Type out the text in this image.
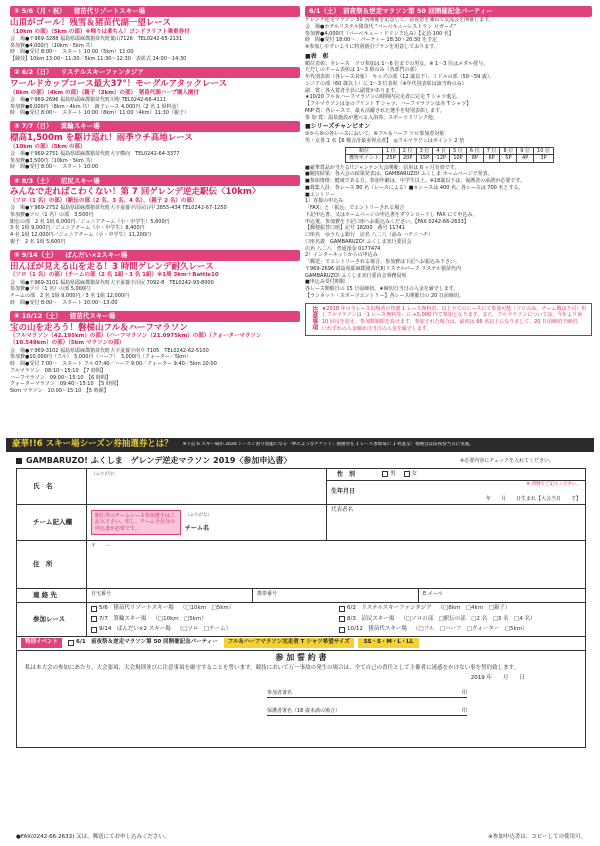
① 5/6（月・祝） 猪苗代リゾートスキー場
山頂がゴール！残雪＆猪苗代湖一望レース
（10km の部）（5km の部）※帰りは楽ちん！ゴンドラリフト乗車券付
会　場●〒969-3288 福島県耶麻郡猪苗代町葉山7126　TEL0242-65-2131
参加費●4,000円（10km・5km 共）
時　間●受付 8:00～　スタート 10:00（5km）11:00
【競技】10km 13:00～11:30／5km 11:30～12:30　表彰式 14:00～14:30
② 6/2（日） リステルスキーファンタジア
ワールドカップコース最大37°！モーグルアタックレース
（8km の部）（4km の部）（親子（2km）の部）　猪苗代湖ハーブ園入園付
会　場●〒969-2696 福島県耶麻郡猪苗代町川桁 TEL0242-66-4111
参加費●6,000円（8km・4km 共）　親子レース 4,000円（2 名 1 組料金）
時　間●受付 8:00～　スタート 10:00（8km）11:00（4km）11:30（親子）
③ 7/7（日） 箕輪スキー場
標高1,500m を駆け巡れ！雨季ウチ高地レース
（10km の部）（5km の部）
会　場●〒969-2751 福島県耶麻郡猪苗代町大字横向　TEL0242-64-3377
参加費●3,500円（10km・5km 共）
時　間●受付 8:00～　スタート 10:00
④ 8/3（土） 沼尻スキー場
みんなで走ればこわくない！第 7 回ゲレンデ逆走駅伝〈10km〉
（ソロ（1 名）の部）（駅伝の部（2 名、3 名、4 名）、（親子 2 名）の部）
会　場●〒969-2752 福島県耶麻郡猪苗代町大字蚕養字沼尻山甲 2855-434 TEL0242-67-1250
参加費●ソロ（1 名）の部　3,500円
駅伝の部　2 名 1組 6,000円／ジュニアチーム（小・中学生）5,600円
3 名 1組 9,000円／ジュニアチーム（小・中学生）8,400円
4 名 1組 12,000円／ジュニアチーム（小・中学生）11,200円
親子　2 名 1組 5,600円
⑤ 9/14（土） ばんだい×2スキー場
田んぼが見える山を走る！3 時間ゲレンデ耐久レース
（ソロ（1 名）の部）（チームの部（2 名 1組・3 名 1組）※1周 3km＋Battle10
会　場●〒969-3101 福島県耶麻郡猪苗代町大字蚕養字沼尻 7092-8　TEL0242-93-8000
参加費●ソロ（1 名）の部 5,000円
チームの部　2 名 1組 9,000円／3 名 1組 12,000円
時　間●受付 8:00～　スタート 10:00～13:00
⑥ 10/12（土） 猪苗代スキー場
宝の山を走ろう！磐梯山フル＆ハーフマラソン
（フルマラソン（42.195km）の部）（ハーフマラソン（21.0975km）の部）（クォーターマラソン（10.549km）の部）（5km マラソンの部）
会　場●〒969-3102 福島県耶麻郡猪苗代町大字蚕養字南ウ 7105　TEL0242-62-5100
参加費●10,000円（フル）　5,000円（ハーフ）　3,000円（クォーター／5km）
時　間●受付 7:00～　スタート フル 07:40／ハーフ 9:00／クォーター 9:40／5km 10:00
フルマラソン　08:10～15:10　【7 時間】
ハーフマラソン　09:00～15:10　【6 時間】
クォーターマラソン　09:40～15:10　【5 時間】
5km マラソン　10:00～15:10　【5 時間】
6/1（土）　前夜祭＆逆走マラソン第 50 回開催記念パーティー
ゲレンデ逆走マラソン 50 回開催を記念して、前夜祭を兼ねて交流会を開催します。
会　場●ホテルリステル猪苗代 "バーベキューレストラン ロガーズ"
参加費●4,000円（バーベキュー・ドリンク込み）【定員 100 名】
時　間●受付 18:00～　パーティー 18:30～20:30 を予定
※参加しやすいように特別割引プランを用意しております。
■表　彰
順位表彰：全レース　ソロ参加は 1～6 位までの男女。※ 1～3 位はメダル授与。
ただしのチーム表彰は 1～3 組のみ（各部門の部）
年代別表彰（各レース対象）　キッズの部（12 歳以下）、ミドルの部（50～59 歳）、
シニアの部（60 歳以上）に 1～3 位表彰（※年代別表彰は該当時のみ）
副　賞：各入賞者全員に副賞があります。
★10/20 フル＆ハーフマラソンの時間内完走者に完走 T シャツ進呈。
【フルマラソンは金のプリント T シャツ、ハーフマラソンは赤 T シャツ】
MIP 賞：各レースで、最も活躍された選手を特別表彰します。
参 加 賞：温泉施設が選べる入浴券、スポーツドリンク他。
■シリーズチャンピオン
②から⑥の各レースにおいて、⑥フル＆ハーフ ソロ参加者対象
男・女各 1 名【6 戦合計最多得点者】　◎フルマラソンはポイント 2 倍
順位	1 位	2 位	3 位	4 位	5 位	6 位	7 位	8 位	9 位	10 位
獲得ポイント	25P	20P	15P	12P	10P	8P	6P	5P	4P	3P
■豪華賞品が当たる!!ジャンケン大会開催：信用は 6 ヶ月有効です。
■競技結果：各大会の結果発表は、GAMBARUZO! ふくしま ホームページで発表。
■参加資格：健康である方。参加年齢は、中学生以上。※18歳以下は、保護者の承諾が必要です。
■募集人員：各レース 80 名（レースによる）■６レースは 400 名、各レースは 700 名とする。
■エントリー
1）直接の申込み
「FAX」と「振込」でエントリーされる場合
下記申込書、又はホームページの申込書をダウンロードし FAX にて申込み。
申込後、参加費を下記口座へお振込みください。【FAX 0242-66-2633】
【郵便振替口座】記号 18200　番号 11741
口座名　ゆうちょ銀行　店名 八二八（読み ハチニハチ）
口座名義　GAMBARUZO! ふくしま実行委員会
店名 八二八　普通預金 0177474
2）インターネットからの申込み
「郵送」でエントリーされる場合、参加費は下記へお振込み下さい。
〒969-2696 福島県耶麻郡猪苗代町リステルパーク リステル猪苗代内
GAMBARUZO! ふくしま実行委員会事務局宛
■申込み受付期間
各レース開催日の 15 日前締切。★締切日当日の入金を厳守します。
【ランネット・スポーツエントリー】各レース開催日の 20 日前締切。
注意事項 ★2018 年の全レース出場者の皆割 1 レース無料券、以上全てのレースにて参加可能（ソロのみ、チーム戦は不可）但しフルマラソンは「1 レース無料券」に +5,000 円で参加となります。また、フルマラソンについては、今年より第 10 回目を迎え、参加数制限を設けます。参加された場合は、最初は 66 名以上になりまして、20 日前締切で締切。いれずれの入金締め日当日の入金を厳守します。
豪華!!6 スキー場シーズン券抽選券とは？ ※下記 6 スキー場が 2020 シーズン滑り放題になる「夢のようなチケット」抽選券を 1 レース参加毎に 1 枚進呈！抽選会は前夜祭当日に実施。
GAMBARUZO! ふくしま　ゲレンデ逆走マラソン 2019〈参加申込書〉	※必要内容にチェックを入れてください。
氏　名
（ふりがな）	性　別	男	女
※ 西暦でご記入ください。
生年月日
年　　月　　日生まれ【大会当日　　才】
チーム記入欄
駅伝等のチームレース参加選手はご記入下さい。但し、チーム全員分の申込書が必要です。
（ふりがな）
チーム名
代表者名
住　所
〒　　－
連 絡 先	自宅番号	携帯番号	E メール
参加レース
5/6　 猪苗代リゾートスキー場 （□10km　□5km）	6/2　 リステルスキーファンタジア （□8km　□4km　□親子）
7/7　 箕輪スキー場 （□10km　□5km）	8/3　 沼尻スキー場 （□ソロの部　□駅伝の部　□2 名　□3 名　□4 名）
9/14　 ばんだい×2 スキー場 （□ソロ　□チーム）	10/12　 猪苗代スキー場 （□フル　□ハーフ　□クォーター　□5km）
特別イベント	6/1　前夜祭＆逆走マラソン第 50 回開催記念パーティー	フル＆ハーフマラソン完走者 T シャツ希望サイズ	SS・S・M・L・LL
参 加 誓 約 書
私は本大会の参加にあたり、大会要項、大会規則並びに注意事項を厳守することを誓います。競技において万一事故の発生の場合は、全て自己の責任として主催者に迷惑をかけない事を誓約致します。
2019 年　　月　　日
参加者署名	印
保護者署名（18 歳未満の場合）	印
●FAX(0242-66-2633) 又は、郵送にてお申し込みください。	※参加申込書は、コピーしての使用可。
